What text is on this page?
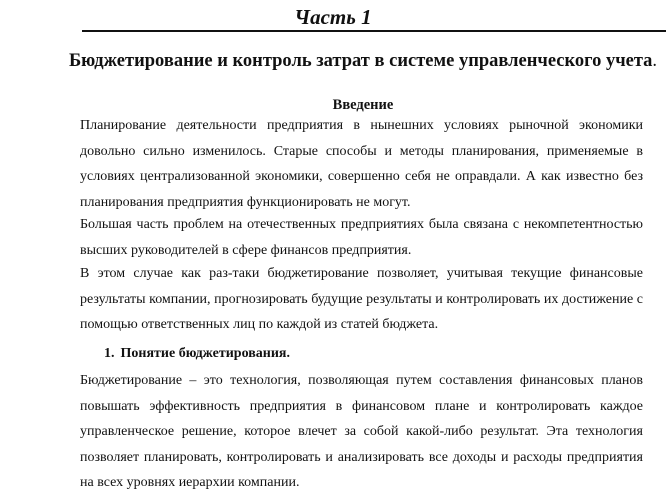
Часть 1
Бюджетирование и контроль затрат в системе управленческого учета.
Введение

Планирование деятельности предприятия в нынешних условиях рыночной экономики довольно сильно изменилось. Старые способы и методы планирования, применяемые в условиях централизованной экономики, совершенно себя не оправдали. А как известно без планирования предприятия функционировать не могут.

Большая часть проблем на отечественных предприятиях была связана с некомпетентностью высших руководителей в сфере финансов предприятия.

В этом случае как раз-таки бюджетирование позволяет, учитывая текущие финансовые результаты компании, прогнозировать будущие результаты и контролировать их достижение с помощью ответственных лиц по каждой из статей бюджета.

1. Понятие бюджетирования.

Бюджетирование – это технология, позволяющая путем составления финансовых планов повышать эффективность предприятия в финансовом плане и контролировать каждое управленческое решение, которое влечет за собой какой-либо результат. Эта технология позволяет планировать, контролировать и анализировать все доходы и расходы предприятия на всех уровнях иерархии компании.
